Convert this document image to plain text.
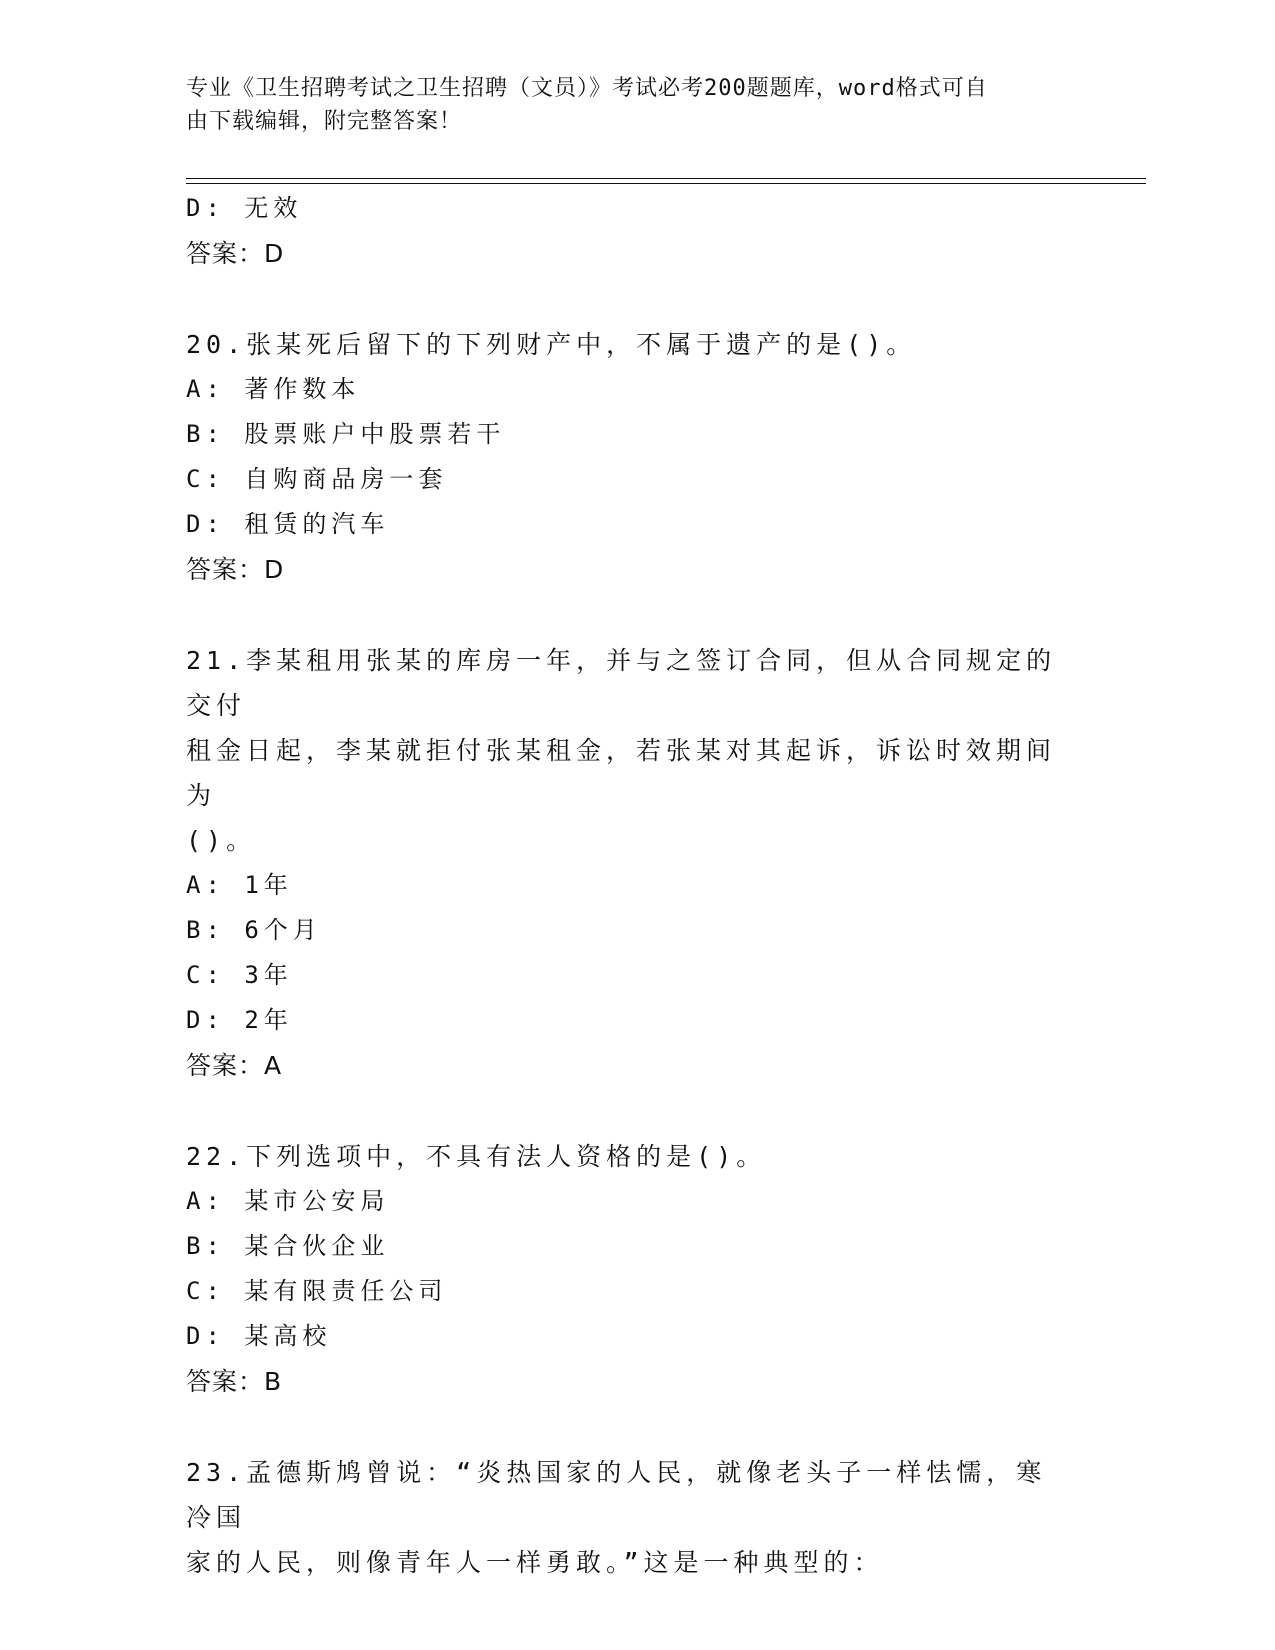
专业《卫生招聘考试之卫生招聘（文员）》考试必考200题题库，word格式可自
由下载编辑，附完整答案！
D: 无效
答案：D
20.张某死后留下的下列财产中，不属于遗产的是()。
A: 著作数本
B: 股票账户中股票若干
C: 自购商品房一套
D: 租赁的汽车
答案：D
21.李某租用张某的库房一年，并与之签订合同，但从合同规定的交付
租金日起，李某就拒付张某租金，若张某对其起诉，诉讼时效期间为
()。
A: 1年
B: 6个月
C: 3年
D: 2年
答案：A
22.下列选项中，不具有法人资格的是()。
A: 某市公安局
B: 某合伙企业
C: 某有限责任公司
D: 某高校
答案：B
23.孟德斯鸠曾说：“炎热国家的人民，就像老头子一样怯懦，寒冷国
家的人民，则像青年人一样勇敢。”这是一种典型的：
